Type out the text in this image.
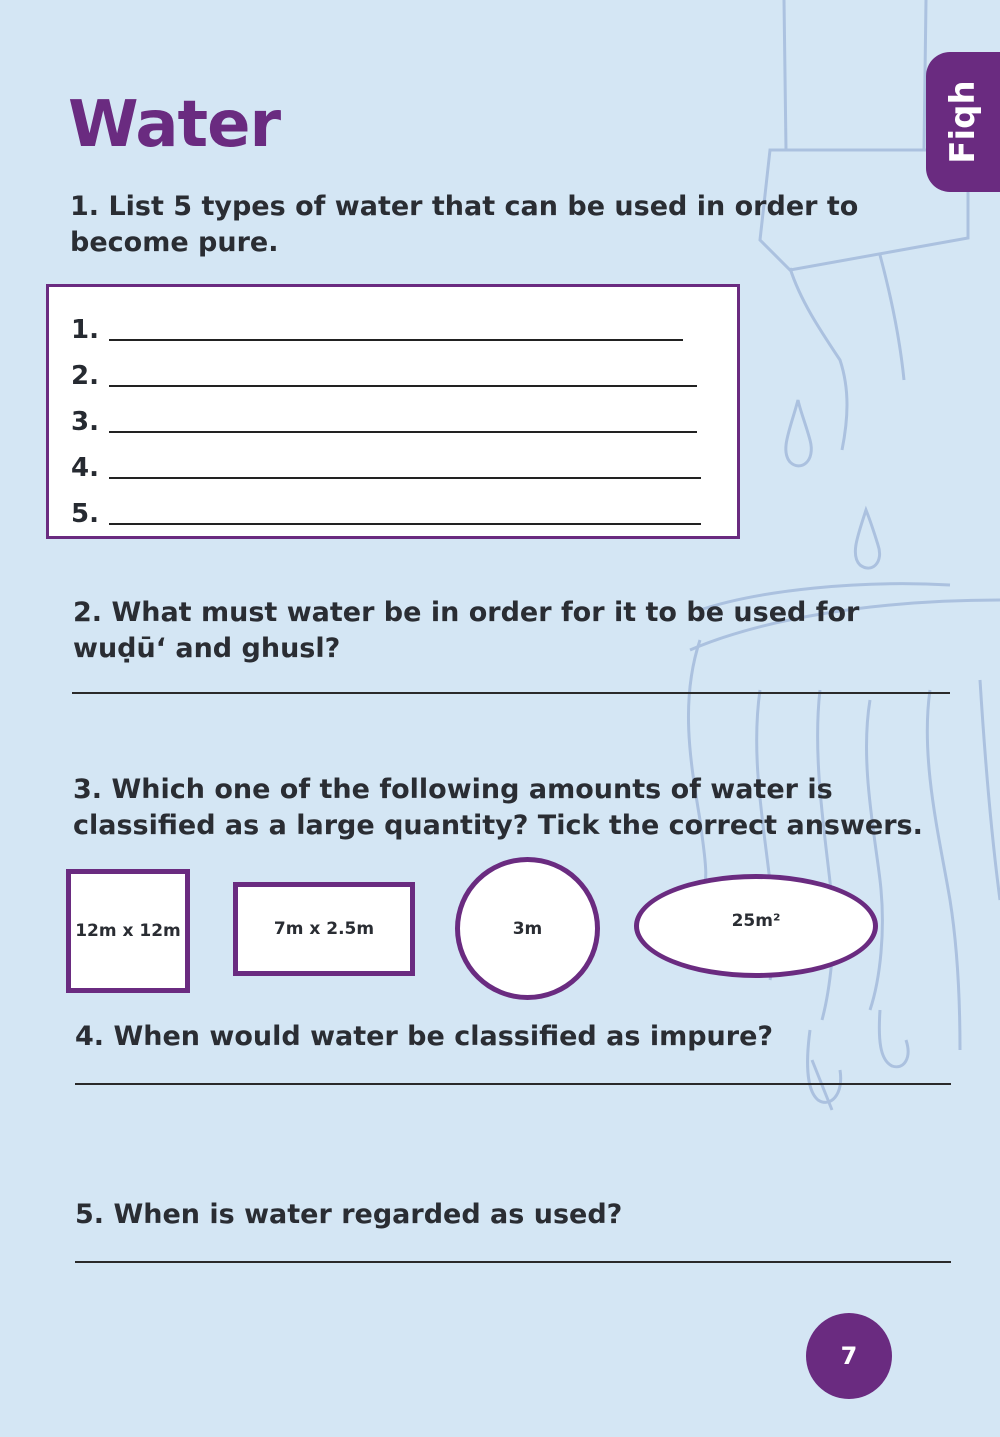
Water	Fiqh

1. List 5 types of water that can be used in order to become pure.

1.
2.
3.
4.
5.

2. What must water be in order for it to be used for wuḍū‘ and ghusl?

3. Which one of the following amounts of water is classified as a large quantity? Tick the correct answers.

12m x 12m	7m x 2.5m	3m	25m²

4. When would water be classified as impure?

5. When is water regarded as used?

7
